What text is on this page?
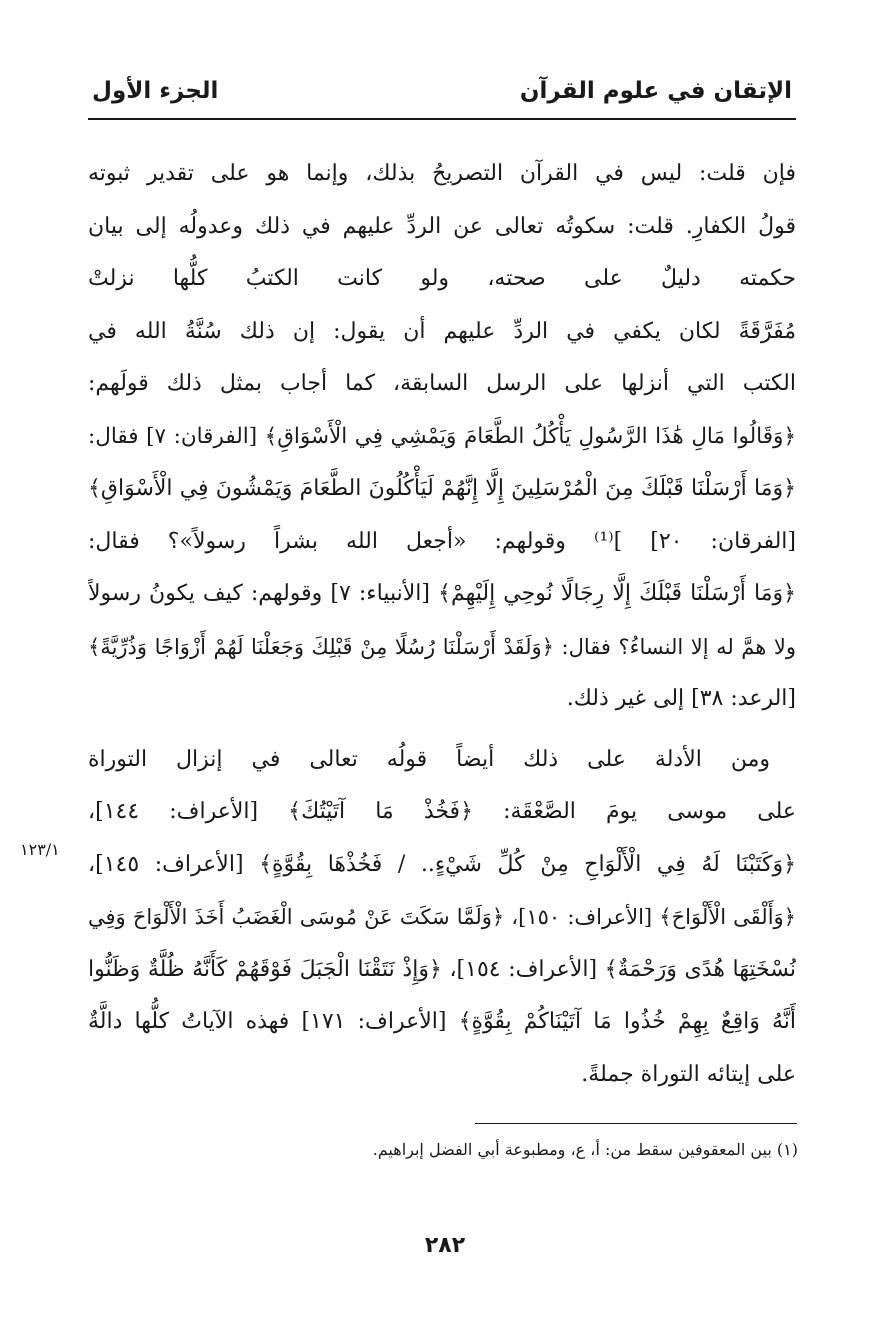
الإتقان في علوم القرآن
الجزء الأول
فإن قلت: ليس في القرآن التصريحُ بذلك، وإنما هو على تقدير ثبوته
قولُ الكفارِ. قلت: سكوتُه تعالى عن الردِّ عليهم في ذلك وعدولُه إلى بيان
حكمته دليلٌ على صحته، ولو كانت الكتبُ كلُّها نزلتْ
مُفَرَّقَةً لكان يكفي في الردِّ عليهم أن يقول: إن ذلك سُنَّةُ الله في
الكتب التي أنزلها على الرسل السابقة، كما أجاب بمثل ذلك قولَهم:
﴿وَقَالُوا مَالِ هَٰذَا الرَّسُولِ يَأْكُلُ الطَّعَامَ وَيَمْشِي فِي الْأَسْوَاقِ﴾ [الفرقان: ٧] فقال:
﴿وَمَا أَرْسَلْنَا قَبْلَكَ مِنَ الْمُرْسَلِينَ إِلَّا إِنَّهُمْ لَيَأْكُلُونَ الطَّعَامَ وَيَمْشُونَ فِي الْأَسْوَاقِ﴾
[الفرقان: ٢٠] ]⁽¹⁾ وقولهم: «أجعل الله بشراً رسولاً»؟ فقال:
﴿وَمَا أَرْسَلْنَا قَبْلَكَ إِلَّا رِجَالًا نُوحِي إِلَيْهِمْ﴾ [الأنبياء: ٧] وقولهم: كيف يكونُ رسولاً
ولا همَّ له إلا النساءُ؟ فقال: ﴿وَلَقَدْ أَرْسَلْنَا رُسُلًا مِنْ قَبْلِكَ وَجَعَلْنَا لَهُمْ أَزْوَاجًا وَذُرِّيَّةً﴾
[الرعد: ٣٨] إلى غير ذلك.
ومن الأدلة على ذلك أيضاً قولُه تعالى في إنزال التوراة
على موسى يومَ الصَّعْقَة: ﴿فَخُذْ مَا آتَيْتُكَ﴾ [الأعراف: ١٤٤]،
﴿وَكَتَبْنَا لَهُ فِي الْأَلْوَاحِ مِنْ كُلِّ شَيْءٍ.. / فَخُذْهَا بِقُوَّةٍ﴾ [الأعراف: ١٤٥]،
﴿وَأَلْقَى الْأَلْوَاحَ﴾ [الأعراف: ١٥٠]، ﴿وَلَمَّا سَكَتَ عَنْ مُوسَى الْغَضَبُ أَخَذَ الْأَلْوَاحَ وَفِي
نُسْخَتِهَا هُدًى وَرَحْمَةٌ﴾ [الأعراف: ١٥٤]، ﴿وَإِذْ نَتَقْنَا الْجَبَلَ فَوْقَهُمْ كَأَنَّهُ ظُلَّةٌ وَظَنُّوا
أَنَّهُ وَاقِعٌ بِهِمْ خُذُوا مَا آتَيْنَاكُمْ بِقُوَّةٍ﴾ [الأعراف: ١٧١] فهذه الآياتُ كلُّها دالَّةٌ
على إيتائه التوراة جملةً.
١٢٣/١
(١) بين المعقوفين سقط من: أ، ع، ومطبوعة أبي الفضل إبراهيم.
٢٨٢
